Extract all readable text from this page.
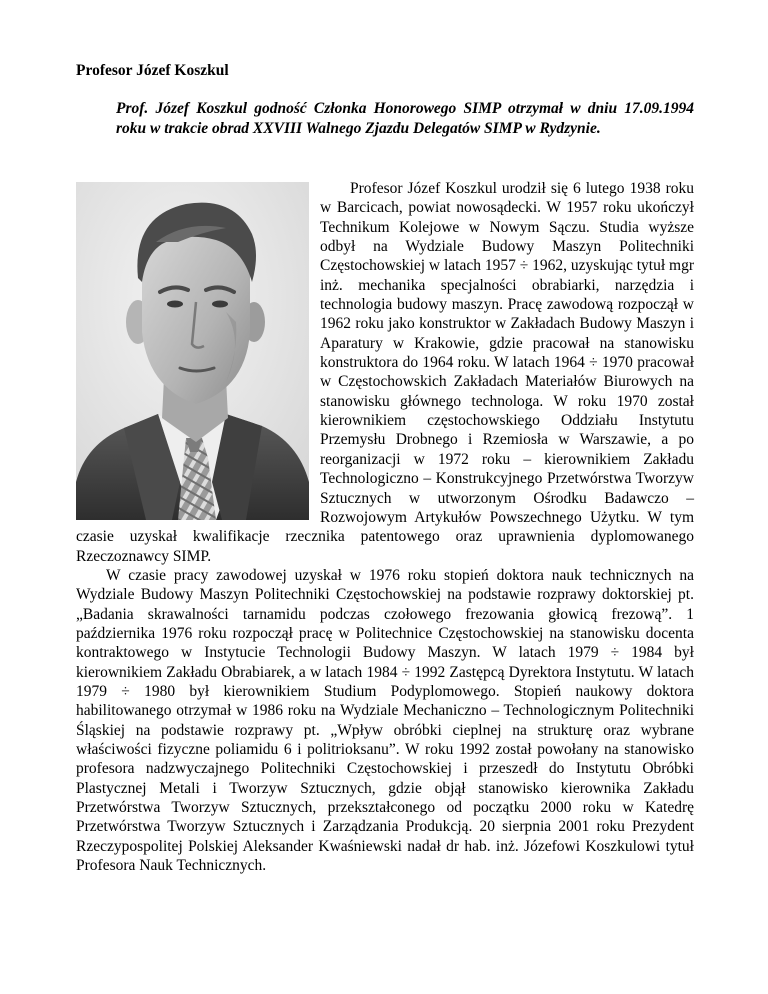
Profesor Józef Koszkul

Prof. Józef Koszkul godność Członka Honorowego SIMP otrzymał w dniu 17.09.1994 roku w trakcie obrad XXVIII Walnego Zjazdu Delegatów SIMP w Rydzynie.

Profesor Józef Koszkul urodził się 6 lutego 1938 roku w Barcicach, powiat nowosądecki. W 1957 roku ukończył Technikum Kolejowe w Nowym Sączu. Studia wyższe odbył na Wydziale Budowy Maszyn Politechniki Częstochowskiej w latach 1957 ÷ 1962, uzyskując tytuł mgr inż. mechanika specjalności obrabiarki, narzędzia i technologia budowy maszyn. Pracę zawodową rozpoczął w 1962 roku jako konstruktor w Zakładach Budowy Maszyn i Aparatury w Krakowie, gdzie pracował na stanowisku konstruktora do 1964 roku. W latach 1964 ÷ 1970 pracował w Częstochowskich Zakładach Materiałów Biurowych na stanowisku głównego technologa. W roku 1970 został kierownikiem częstochowskiego Oddziału Instytutu Przemysłu Drobnego i Rzemiosła w Warszawie, a po reorganizacji w 1972 roku – kierownikiem Zakładu Technologiczno – Konstrukcyjnego Przetwórstwa Tworzyw Sztucznych w utworzonym Ośrodku Badawczo – Rozwojowym Artykułów Powszechnego Użytku. W tym czasie uzyskał kwalifikacje rzecznika patentowego oraz uprawnienia dyplomowanego Rzeczoznawcy SIMP.

W czasie pracy zawodowej uzyskał w 1976 roku stopień doktora nauk technicznych na Wydziale Budowy Maszyn Politechniki Częstochowskiej na podstawie rozprawy doktorskiej pt. „Badania skrawalności tarnamidu podczas czołowego frezowania głowicą frezową”. 1 października 1976 roku rozpoczął pracę w Politechnice Częstochowskiej na stanowisku docenta kontraktowego w Instytucie Technologii Budowy Maszyn. W latach 1979 ÷ 1984 był kierownikiem Zakładu Obrabiarek, a w latach 1984 ÷ 1992 Zastępcą Dyrektora Instytutu. W latach 1979 ÷ 1980 był kierownikiem Studium Podyplomowego. Stopień naukowy doktora habilitowanego otrzymał w 1986 roku na Wydziale Mechaniczno – Technologicznym Politechniki Śląskiej na podstawie rozprawy pt. „Wpływ obróbki cieplnej na strukturę oraz wybrane właściwości fizyczne poliamidu 6 i politrioksanu”. W roku 1992 został powołany na stanowisko profesora nadzwyczajnego Politechniki Częstochowskiej i przeszedł do Instytutu Obróbki Plastycznej Metali i Tworzyw Sztucznych, gdzie objął stanowisko kierownika Zakładu Przetwórstwa Tworzyw Sztucznych, przekształconego od początku 2000 roku w Katedrę Przetwórstwa Tworzyw Sztucznych i Zarządzania Produkcją. 20 sierpnia 2001 roku Prezydent Rzeczypospolitej Polskiej Aleksander Kwaśniewski nadał dr hab. inż. Józefowi Koszkulowi tytuł Profesora Nauk Technicznych.
